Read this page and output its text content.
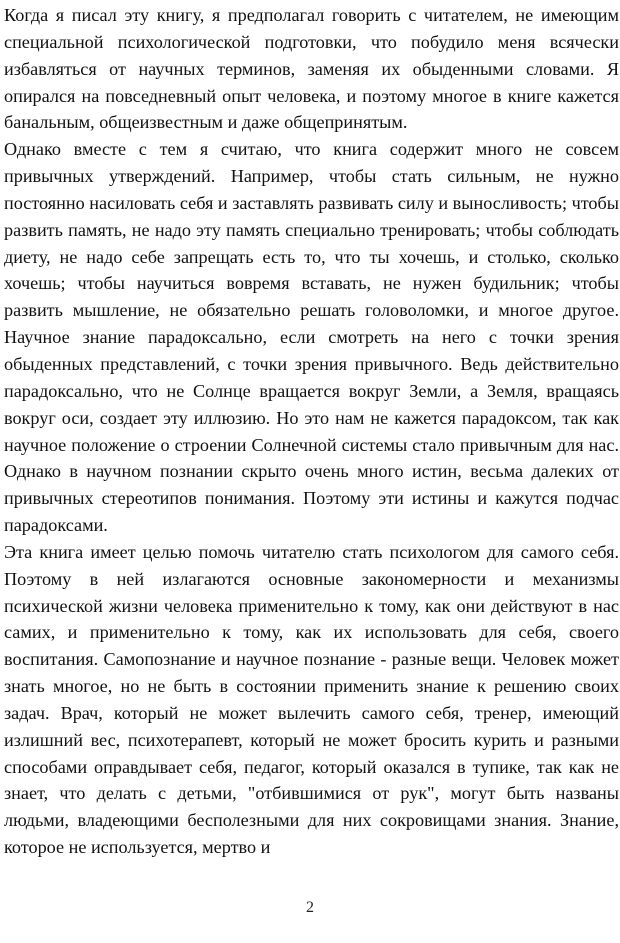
Когда я писал эту книгу, я предполагал говорить с читателем, не имеющим специальной психологической подготовки, что побудило меня всячески избавляться от научных терминов, заменяя их обыденными словами. Я опирался на повседневный опыт человека, и поэтому многое в книге кажется банальным, общеизвестным и даже общепринятым.

Однако вместе с тем я считаю, что книга содержит много не совсем привычных утверждений. Например, чтобы стать сильным, не нужно постоянно насиловать себя и заставлять развивать силу и выносливость; чтобы развить память, не надо эту память специально тренировать; чтобы соблюдать диету, не надо себе запрещать есть то, что ты хочешь, и столько, сколько хочешь; чтобы научиться вовремя вставать, не нужен будильник; чтобы развить мышление, не обязательно решать головоломки, и многое другое. Научное знание парадоксально, если смотреть на него с точки зрения обыденных представлений, с точки зрения привычного. Ведь действительно парадоксально, что не Солнце вращается вокруг Земли, а Земля, вращаясь вокруг оси, создает эту иллюзию. Но это нам не кажется парадоксом, так как научное положение о строении Солнечной системы стало привычным для нас. Однако в научном познании скрыто очень много истин, весьма далеких от привычных стереотипов понимания. Поэтому эти истины и кажутся подчас парадоксами.

Эта книга имеет целью помочь читателю стать психологом для самого себя. Поэтому в ней излагаются основные закономерности и механизмы психической жизни человека применительно к тому, как они действуют в нас самих, и применительно к тому, как их использовать для себя, своего воспитания. Самопознание и научное познание - разные вещи. Человек может знать многое, но не быть в состоянии применить знание к решению своих задач. Врач, который не может вылечить самого себя, тренер, имеющий излишний вес, психотерапевт, который не может бросить курить и разными способами оправдывает себя, педагог, который оказался в тупике, так как не знает, что делать с детьми, "отбившимися от рук", могут быть названы людьми, владеющими бесполезными для них сокровищами знания. Знание, которое не используется, мертво и

2
